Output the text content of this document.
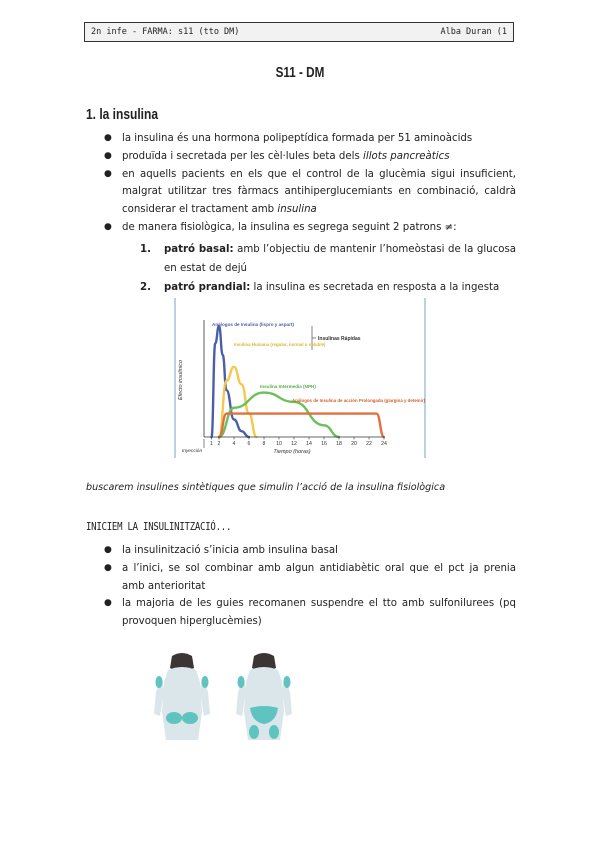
2n infe - FARMA: s11 (tto DM)	Alba Duran (1
S11 - DM
1. la insulina
● la insulina és una hormona polipeptídica formada per 51 aminoàcids
● produïda i secretada per les cèl·lules beta dels illots pancreàtics
● en aquells pacients en els que el control de la glucèmia sigui insuficient, malgrat utilitzar tres fàrmacs antihiperglucemiants en combinació, caldrà considerar el tractament amb insulina
● de manera fisiològica, la insulina es segrega seguint 2 patrons ≠:
1. patró basal: amb l’objectiu de mantenir l’homeòstasi de la glucosa en estat de dejú
2. patró prandial: la insulina es secretada en resposta a la ingesta
1 2 4 6 8 10 12 14 16 18 20 22 24
Efecto insulínico
Tiempo (horas)
Inyección
Insulinas Rápidas
Análogos de Insulina (lispro y aspart)
Insulina Humana (regular, normal o soluble)
Insulina Intermedia (NPH)
Análogos de Insulina de acción Prolongada (glargina y detemir)
buscarem insulines sintètiques que simulin l’acció de la insulina fisiològica
INICIEM LA INSULINITZACIÓ...
● la insulinització s’inicia amb insulina basal
● a l’inici, se sol combinar amb algun antidiabètic oral que el pct ja prenia amb anterioritat
● la majoria de les guies recomanen suspendre el tto amb sulfonilurees (pq provoquen hiperglucèmies)
